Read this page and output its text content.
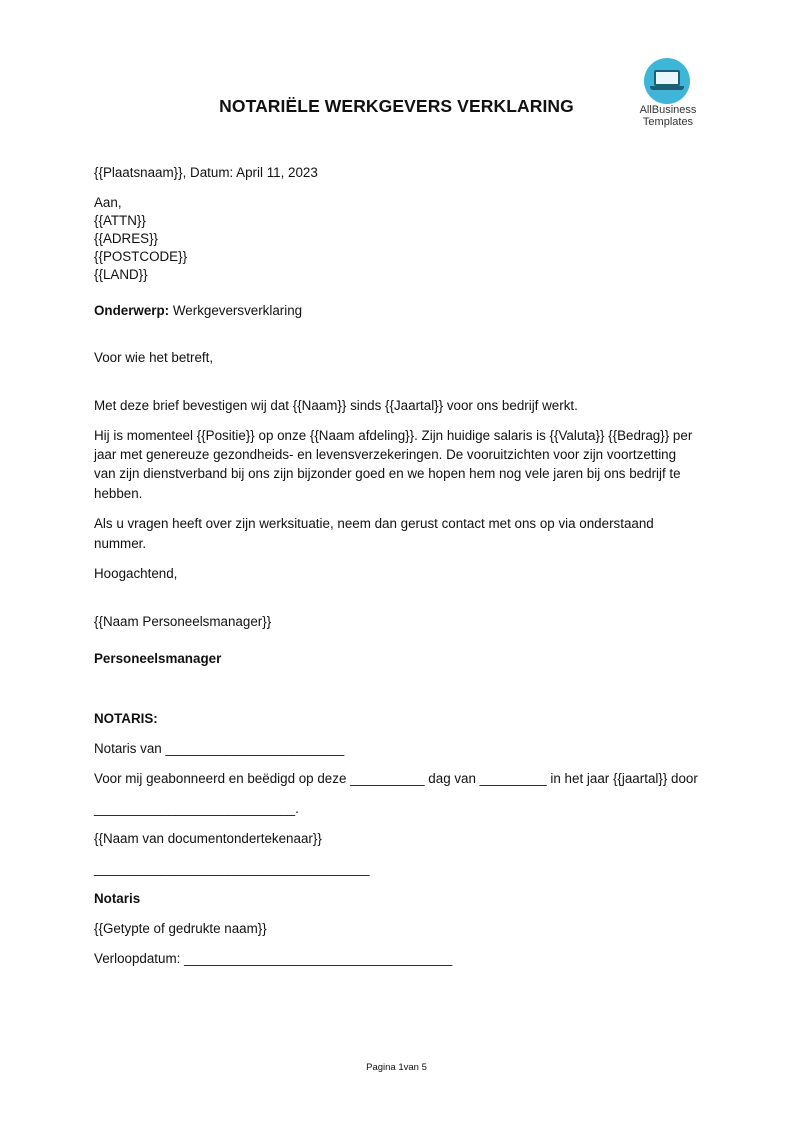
AllBusiness
Templates
NOTARIËLE WERKGEVERS VERKLARING
{{Plaatsnaam}}, Datum: April 11, 2023
Aan,
{{ATTN}}
{{ADRES}}
{{POSTCODE}}
{{LAND}}
Onderwerp: Werkgeversverklaring
Voor wie het betreft,
Met deze brief bevestigen wij dat {{Naam}} sinds {{Jaartal}} voor ons bedrijf werkt.
Hij is momenteel {{Positie}} op onze {{Naam afdeling}}. Zijn huidige salaris is {{Valuta}} {{Bedrag}} per
jaar met genereuze gezondheids- en levensverzekeringen. De vooruitzichten voor zijn voortzetting
van zijn dienstverband bij ons zijn bijzonder goed en we hopen hem nog vele jaren bij ons bedrijf te
hebben.
Als u vragen heeft over zijn werksituatie, neem dan gerust contact met ons op via onderstaand
nummer.
Hoogachtend,
{{Naam Personeelsmanager}}
Personeelsmanager
NOTARIS:
Notaris van ________________________
Voor mij geabonneerd en beëdigd op deze __________ dag van _________ in het jaar {{jaartal}} door
___________________________.
{{Naam van documentondertekenaar}}
_____________________________________
Notaris
{{Getypte of gedrukte naam}}
Verloopdatum: ____________________________________
Pagina 1van 5
